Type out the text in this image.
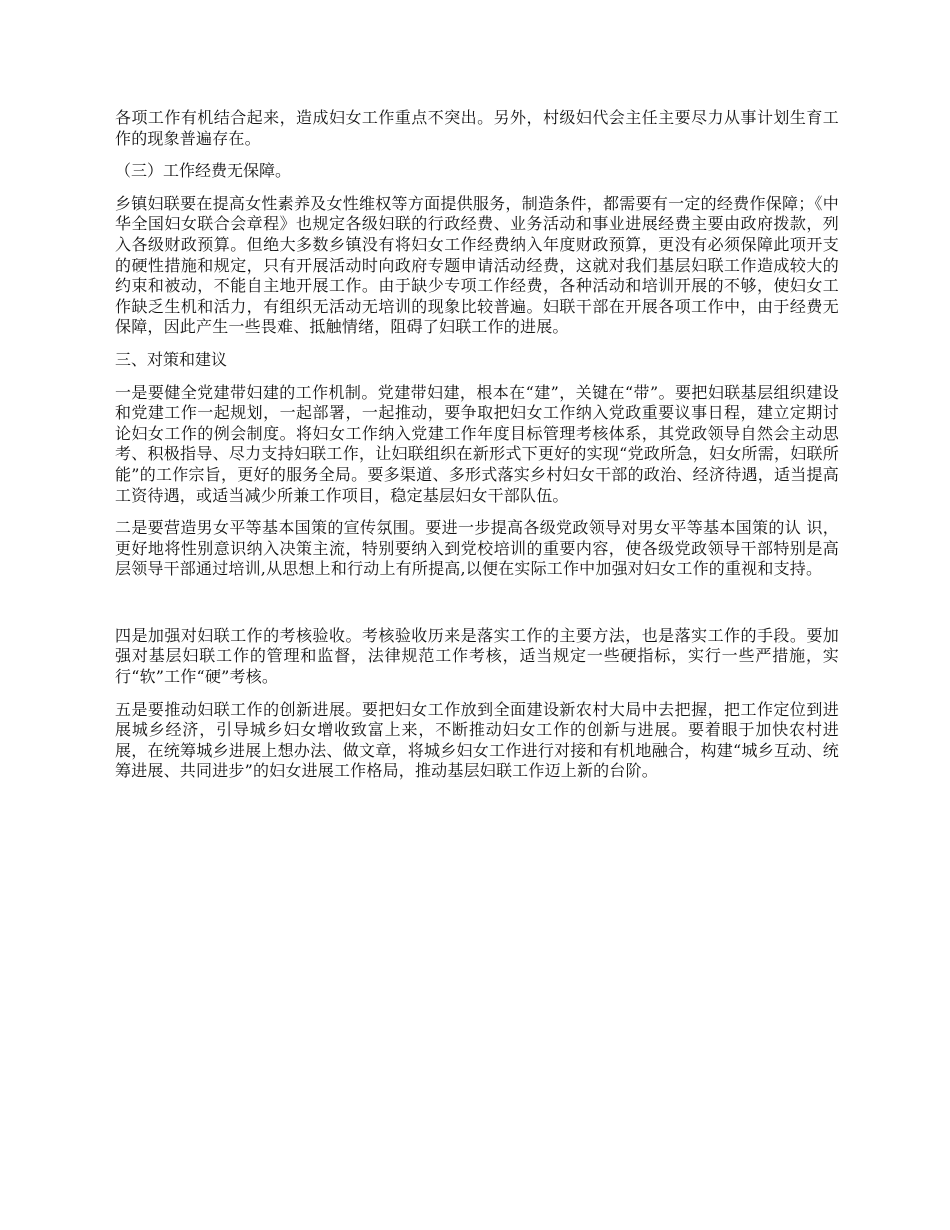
各项工作有机结合起来，造成妇女工作重点不突出。另外，村级妇代会主任主要尽力从事计划生育工作的现象普遍存在。

（三）工作经费无保障。

乡镇妇联要在提高女性素养及女性维权等方面提供服务，制造条件，都需要有一定的经费作保障；《中华全国妇女联合会章程》也规定各级妇联的行政经费、业务活动和事业进展经费主要由政府拨款，列入各级财政预算。但绝大多数乡镇没有将妇女工作经费纳入年度财政预算，更没有必须保障此项开支的硬性措施和规定，只有开展活动时向政府专题申请活动经费，这就对我们基层妇联工作造成较大的约束和被动，不能自主地开展工作。由于缺少专项工作经费，各种活动和培训开展的不够，使妇女工作缺乏生机和活力，有组织无活动无培训的现象比较普遍。妇联干部在开展各项工作中，由于经费无保障，因此产生一些畏难、抵触情绪，阻碍了妇联工作的进展。

三、对策和建议

一是要健全党建带妇建的工作机制。党建带妇建，根本在“建”，关键在“带”。要把妇联基层组织建设和党建工作一起规划，一起部署，一起推动，要争取把妇女工作纳入党政重要议事日程，建立定期讨论妇女工作的例会制度。将妇女工作纳入党建工作年度目标管理考核体系，其党政领导自然会主动思考、积极指导、尽力支持妇联工作，让妇联组织在新形式下更好的实现“党政所急，妇女所需，妇联所能”的工作宗旨，更好的服务全局。要多渠道、多形式落实乡村妇女干部的政治、经济待遇，适当提高工资待遇，或适当减少所兼工作项目，稳定基层妇女干部队伍。

二是要营造男女平等基本国策的宣传氛围。要进一步提高各级党政领导对男女平等基本国策的认 识，更好地将性别意识纳入决策主流，特别要纳入到党校培训的重要内容，使各级党政领导干部特别是高层领导干部通过培训,从思想上和行动上有所提高,以便在实际工作中加强对妇女工作的重视和支持。

四是加强对妇联工作的考核验收。考核验收历来是落实工作的主要方法，也是落实工作的手段。要加强对基层妇联工作的管理和监督，法律规范工作考核，适当规定一些硬指标，实行一些严措施，实行“软”工作“硬”考核。

五是要推动妇联工作的创新进展。要把妇女工作放到全面建设新农村大局中去把握，把工作定位到进展城乡经济，引导城乡妇女增收致富上来，不断推动妇女工作的创新与进展。要着眼于加快农村进展，在统筹城乡进展上想办法、做文章，将城乡妇女工作进行对接和有机地融合，构建“城乡互动、统筹进展、共同进步”的妇女进展工作格局，推动基层妇联工作迈上新的台阶。
